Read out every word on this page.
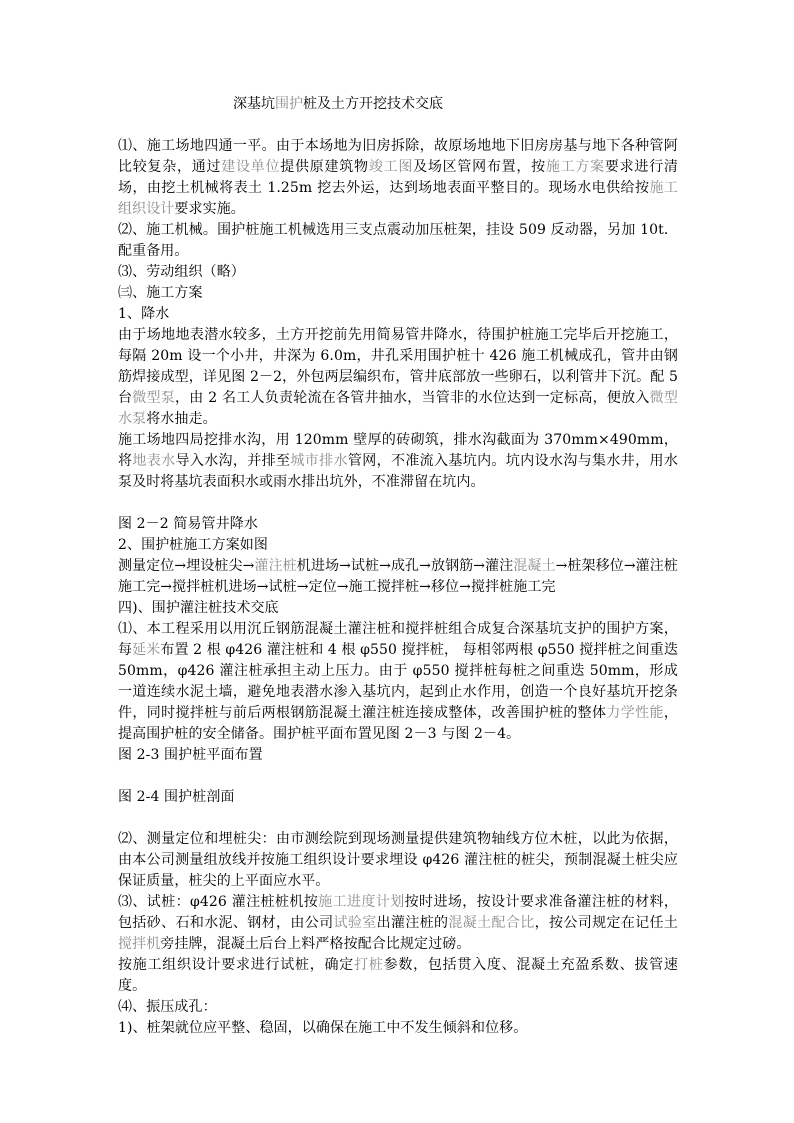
深基坑围护桩及土方开挖技术交底

⑴、施工场地四通一平。由于本场地为旧房拆除，故原场地地下旧房房基与地下各种管阿比较复杂，通过建设单位提供原建筑物竣工图及场区管网布置，按施工方案要求进行清场，由挖土机械将表土 1.25m 挖去外运，达到场地表面平整目的。现场水电供给按施工组织设计要求实施。

⑵、施工机械。围护桩施工机械选用三支点震动加压桩架，挂设 509 反动器，另加 10t．配重备用。

⑶、劳动组织（略）

㈢、施工方案

1、降水

由于场地地表潜水较多，土方开挖前先用简易管井降水，待围护桩施工完毕后开挖施工，每隔 20m 设一个小井，井深为 6.0m，井孔采用围护桩十 426 施工机械成孔，管井由钢筋焊接成型，详见图 2－2，外包两层编织布，管井底部放一些卵石，以利管井下沉。配 5 台微型泵，由 2 名工人负责轮流在各管井抽水，当管非的水位达到一定标高，便放入微型水泵将水抽走。

施工场地四局挖排水沟，用 120mm 壁厚的砖砌筑，排水沟截面为 370mm×490mm，将地表水导入水沟，并排至城市排水管网，不准流入基坑内。坑内设水沟与集水井，用水泵及时将基坑表面积水或雨水排出坑外，不准滞留在坑内。

图 2－2 简易管井降水

2、围护桩施工方案如图

测量定位→埋设桩尖→灌注桩机进场→试桩→成孔→放钢筋→灌注混凝土→桩架移位→灌注桩施工完→搅拌桩机进场→试桩→定位→施工搅拌桩→移位→搅拌桩施工完

四)、围护灌注桩技术交底

⑴、本工程采用以用沉丘钢筋混凝土灌注桩和搅拌桩组合成复合深基坑支护的围护方案，每延米布置 2 根 φ426 灌注桩和 4 根 φ550 搅拌桩， 每相邻两根 φ550 搅拌桩之间重迭 50mm，φ426 灌注桩承担主动上压力。由于 φ550 搅拌桩每桩之间重迭 50mm，形成一道连续水泥土墙，避免地表潜水渗入基坑内，起到止水作用，创造一个良好基坑开挖条件，同时搅拌桩与前后两根钢筋混凝土灌注桩连接成整体，改善围护桩的整体力学性能，提高围护桩的安全储备。围护桩平面布置见图 2－3 与图 2－4。

图 2-3 围护桩平面布置

图 2-4 围护桩剖面

⑵、测量定位和埋桩尖：由市测绘院到现场测量提供建筑物轴线方位木桩，以此为依据，由本公司测量组放线并按施工组织设计要求埋设 φ426 灌注桩的桩尖，预制混凝土桩尖应保证质量，桩尖的上平面应水平。

⑶、试桩：φ426 灌注桩桩机按施工进度计划按时进场，按设计要求准备灌注桩的材料，包括砂、石和水泥、钢材，由公司试验室出灌注桩的混凝土配合比，按公司规定在记任土搅拌机旁挂牌，混凝土后台上料严格按配合比规定过磅。

按施工组织设计要求进行试桩，确定打桩参数，包括贯入度、混凝土充盈系数、拔管速度。

⑷、振压成孔：

1)、桩架就位应平整、稳固，以确保在施工中不发生倾斜和位移。
